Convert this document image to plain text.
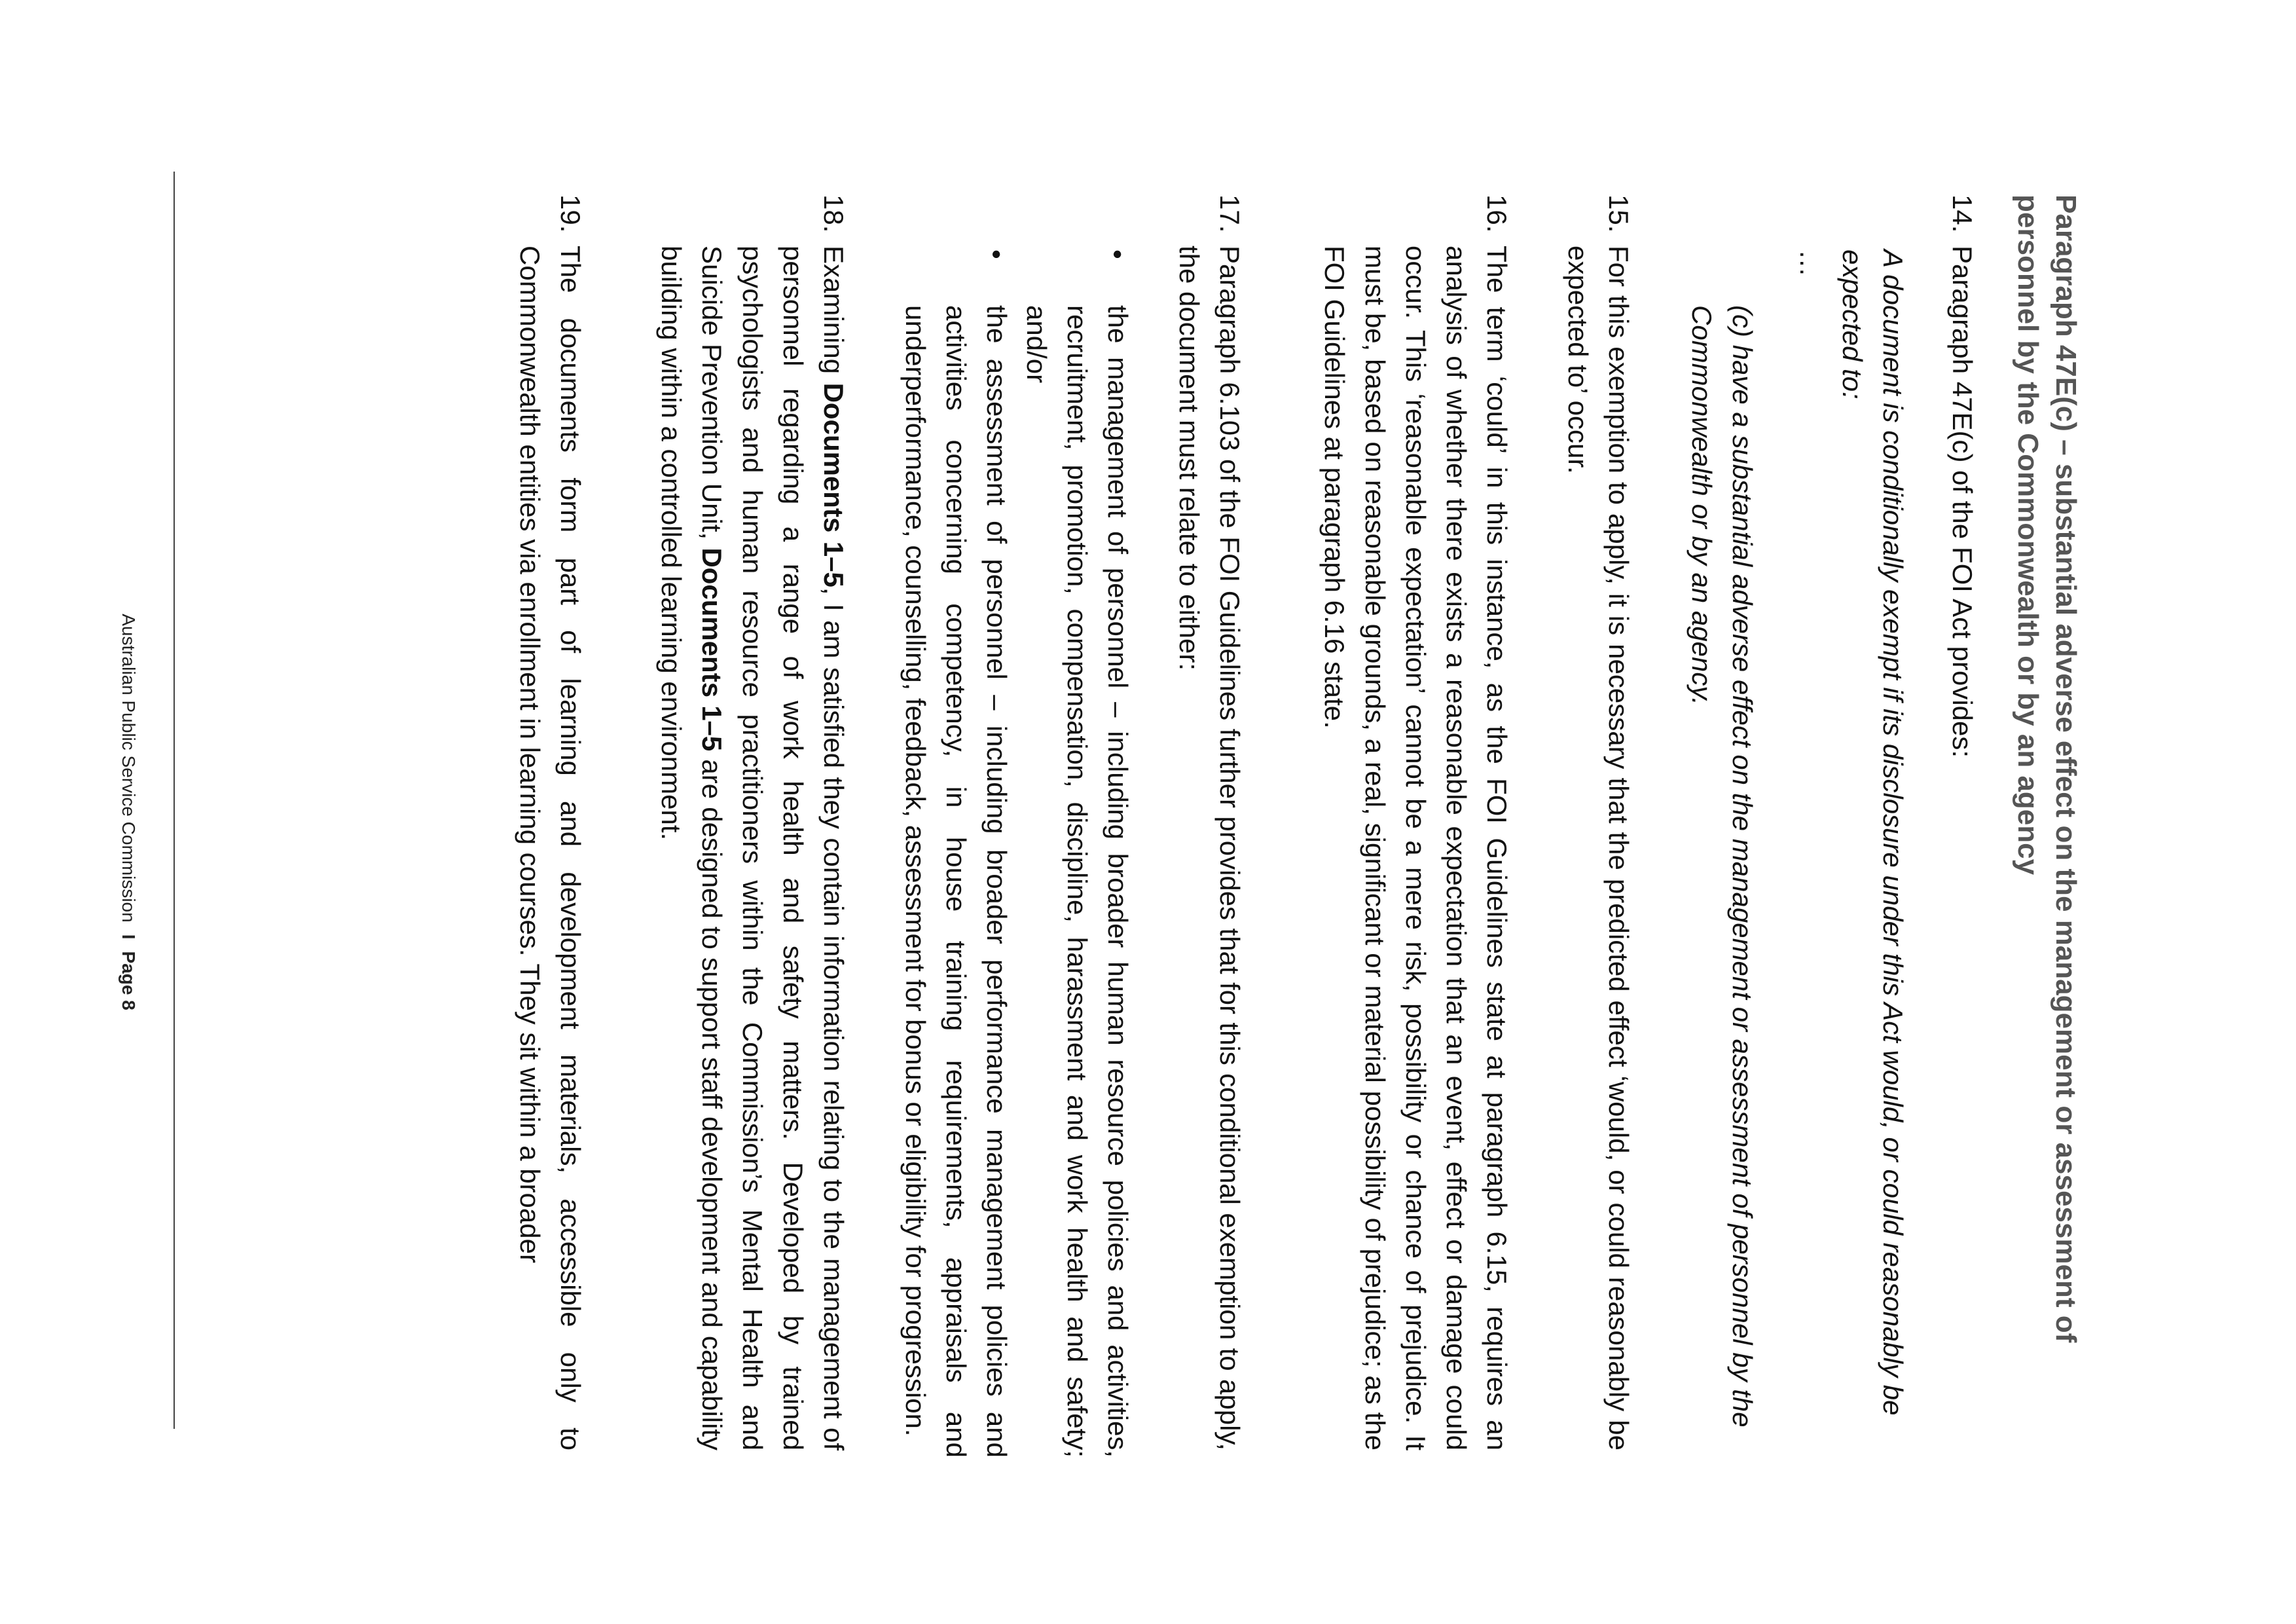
Paragraph 47E(c) – substantial adverse effect on the management or assessment of personnel by the Commonwealth or by an agency
14.

Paragraph 47E(c) of the FOI Act provides:

A document is conditionally exempt if its disclosure under this Act would, or could reasonably be expected to:

…

(c) have a substantial adverse effect on the management or assessment of personnel by the Commonwealth or by an agency.

15.

For this exemption to apply, it is necessary that the predicted effect ‘would, or could reasonably be expected to’ occur.

16.

The term ‘could’ in this instance, as the FOI Guidelines state at paragraph 6.15, requires an analysis of whether there exists a reasonable expectation that an event, effect or damage could occur. This ‘reasonable expectation’ cannot be a mere risk, possibility or chance of prejudice. It must be, based on reasonable grounds, a real, significant or material possibility of prejudice; as the FOI Guidelines at paragraph 6.16 state.

17.

Paragraph 6.103 of the FOI Guidelines further provides that for this conditional exemption to apply, the document must relate to either:

•

the management of personnel – including broader human resource policies and activities, recruitment, promotion, compensation, discipline, harassment and work health and safety; and/or

•

the assessment of personnel – including broader performance management policies and activities concerning competency, in house training requirements, appraisals and underperformance, counselling, feedback, assessment for bonus or eligibility for progression.

18.

Examining Documents 1–5, I am satisfied they contain information relating to the management of personnel regarding a range of work health and safety matters. Developed by trained psychologists and human resource practitioners within the Commission’s Mental Health and Suicide Prevention Unit, Documents 1–5 are designed to support staff development and capability building within a controlled learning environment.

19.

The documents form part of learning and development materials, accessible only to Commonwealth entities via enrollment in learning courses. They sit within a broader

Australian Public Service CommissionIPage 8
